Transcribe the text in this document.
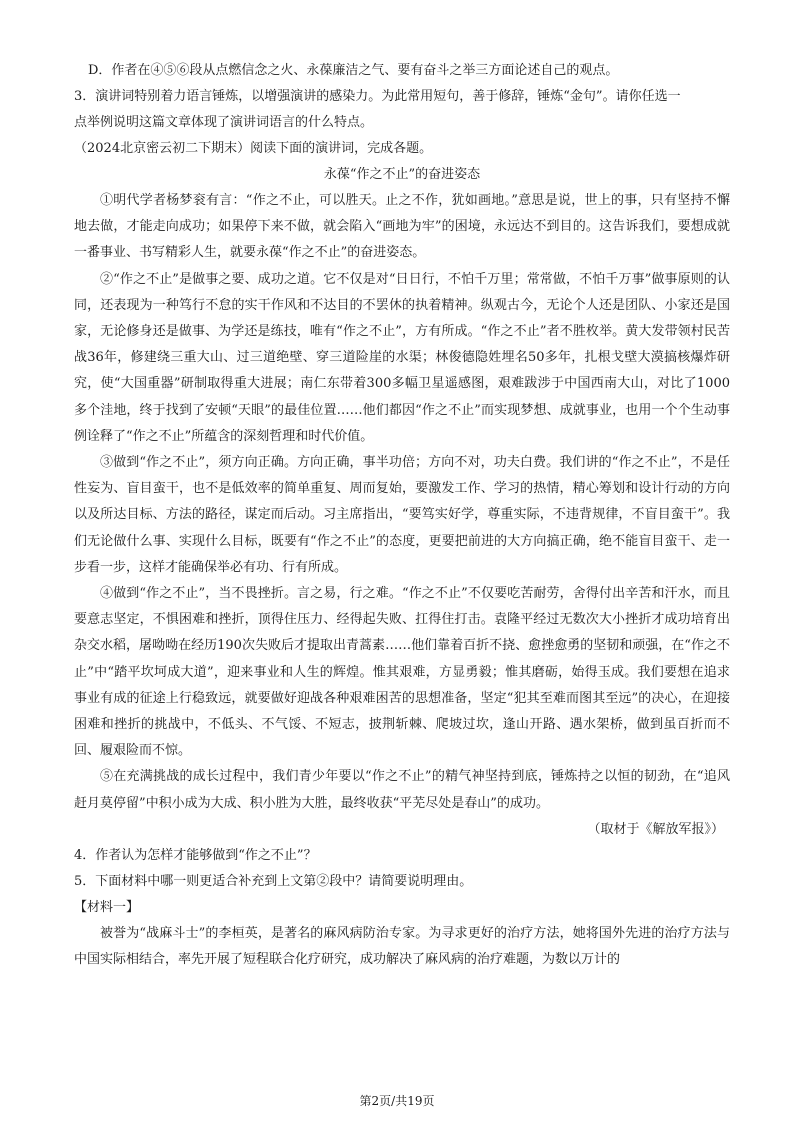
D．作者在④⑤⑥段从点燃信念之火、永葆廉洁之气、要有奋斗之举三方面论述自己的观点。
3．演讲词特别着力语言锤炼，以增强演讲的感染力。为此常用短句，善于修辞，锤炼“金句”。请你任选一
点举例说明这篇文章体现了演讲词语言的什么特点。
（2024北京密云初二下期末）阅读下面的演讲词，完成各题。
永葆“作之不止”的奋进姿态

①明代学者杨梦衮有言：“作之不止，可以胜天。止之不作，犹如画地。”意思是说，世上的事，只有坚持不懈地去做，才能走向成功；如果停下来不做，就会陷入“画地为牢”的困境，永远达不到目的。这告诉我们，要想成就一番事业、书写精彩人生，就要永葆“作之不止”的奋进姿态。

②“作之不止”是做事之要、成功之道。它不仅是对“日日行，不怕千万里；常常做，不怕千万事”做事原则的认同，还表现为一种笃行不怠的实干作风和不达目的不罢休的执着精神。纵观古今，无论个人还是团队、小家还是国家，无论修身还是做事、为学还是练技，唯有“作之不止”，方有所成。“作之不止”者不胜枚举。黄大发带领村民苦战36年，修建绕三重大山、过三道绝壁、穿三道险崖的水渠；林俊德隐姓埋名50多年，扎根戈壁大漠搞核爆炸研究，使“大国重器”研制取得重大进展；南仁东带着300多幅卫星遥感图，艰难跋涉于中国西南大山，对比了1000多个洼地，终于找到了安顿“天眼”的最佳位置……他们都因“作之不止”而实现梦想、成就事业，也用一个个生动事例诠释了“作之不止”所蕴含的深刻哲理和时代价值。

③做到“作之不止”，须方向正确。方向正确，事半功倍；方向不对，功夫白费。我们讲的“作之不止”，不是任性妄为、盲目蛮干，也不是低效率的简单重复、周而复始，要激发工作、学习的热情，精心筹划和设计行动的方向以及所达目标、方法的路径，谋定而后动。习主席指出，“要笃实好学，尊重实际，不违背规律，不盲目蛮干”。我们无论做什么事、实现什么目标，既要有“作之不止”的态度，更要把前进的大方向搞正确，绝不能盲目蛮干、走一步看一步，这样才能确保举必有功、行有所成。

④做到“作之不止”，当不畏挫折。言之易，行之难。“作之不止”不仅要吃苦耐劳，舍得付出辛苦和汗水，而且要意志坚定，不惧困难和挫折，顶得住压力、经得起失败、扛得住打击。袁隆平经过无数次大小挫折才成功培育出杂交水稻，屠呦呦在经历190次失败后才提取出青蒿素……他们靠着百折不挠、愈挫愈勇的坚韧和顽强，在“作之不止”中“踏平坎坷成大道”，迎来事业和人生的辉煌。惟其艰难，方显勇毅；惟其磨砺，始得玉成。我们要想在追求事业有成的征途上行稳致远，就要做好迎战各种艰难困苦的思想准备，坚定“犯其至难而图其至远”的决心，在迎接困难和挫折的挑战中，不低头、不气馁、不短志，披荆斩棘、爬坡过坎，逢山开路、遇水架桥，做到虽百折而不回、履艰险而不惊。

⑤在充满挑战的成长过程中，我们青少年要以“作之不止”的精气神坚持到底，锤炼持之以恒的韧劲，在“追风赶月莫停留”中积小成为大成、积小胜为大胜，最终收获“平芜尽处是春山”的成功。

（取材于《解放军报》）
4．作者认为怎样才能够做到“作之不止”？
5．下面材料中哪一则更适合补充到上文第②段中？请简要说明理由。
【材料一】

被誉为“战麻斗士”的李桓英，是著名的麻风病防治专家。为寻求更好的治疗方法，她将国外先进的治疗方法与中国实际相结合，率先开展了短程联合化疗研究，成功解决了麻风病的治疗难题，为数以万计的

第2页/共19页
